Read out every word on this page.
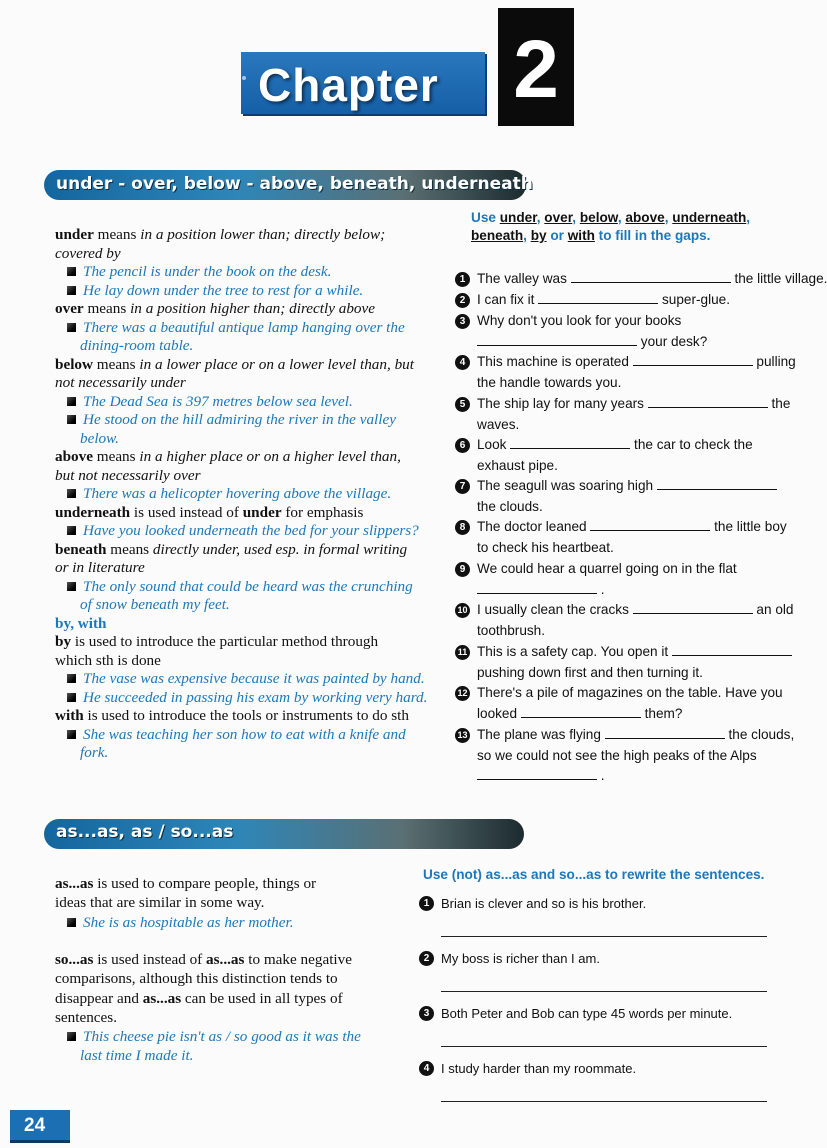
Chapter 2
under - over, below - above, beneath, underneath
under means in a position lower than; directly below;
covered by
The pencil is under the book on the desk.
He lay down under the tree to rest for a while.
over means in a position higher than; directly above
There was a beautiful antique lamp hanging over the
dining-room table.
below means in a lower place or on a lower level than, but
not necessarily under
The Dead Sea is 397 metres below sea level.
He stood on the hill admiring the river in the valley
below.
above means in a higher place or on a higher level than,
but not necessarily over
There was a helicopter hovering above the village.
underneath is used instead of under for emphasis
Have you looked underneath the bed for your slippers?
beneath means directly under, used esp. in formal writing
or in literature
The only sound that could be heard was the crunching
of snow beneath my feet.
by, with
by is used to introduce the particular method through
which sth is done
The vase was expensive because it was painted by hand.
He succeeded in passing his exam by working very hard.
with is used to introduce the tools or instruments to do sth
She was teaching her son how to eat with a knife and
fork.
Use under, over, below, above, underneath, beneath, by or with to fill in the gaps.
1 The valley was	the little village.
2 I can fix it	super-glue.
3 Why don't you look for your books
your desk?
4 This machine is operated	pulling
the handle towards you.
5 The ship lay for many years	the
waves.
6 Look	the car to check the
exhaust pipe.
7 The seagull was soaring high
the clouds.
8 The doctor leaned	the little boy
to check his heartbeat.
9 We could hear a quarrel going on in the flat
.
10 I usually clean the cracks	an old
toothbrush.
11 This is a safety cap. You open it
pushing down first and then turning it.
12 There's a pile of magazines on the table. Have you
looked	them?
13 The plane was flying	the clouds,
so we could not see the high peaks of the Alps
.
as...as, as / so...as
as...as is used to compare people, things or
ideas that are similar in some way.
She is as hospitable as her mother.
so...as is used instead of as...as to make negative
comparisons, although this distinction tends to
disappear and as...as can be used in all types of
sentences.
This cheese pie isn't as / so good as it was the
last time I made it.
Use (not) as...as and so...as to rewrite the sentences.
1 Brian is clever and so is his brother.
2 My boss is richer than I am.
3 Both Peter and Bob can type 45 words per minute.
4 I study harder than my roommate.
24
